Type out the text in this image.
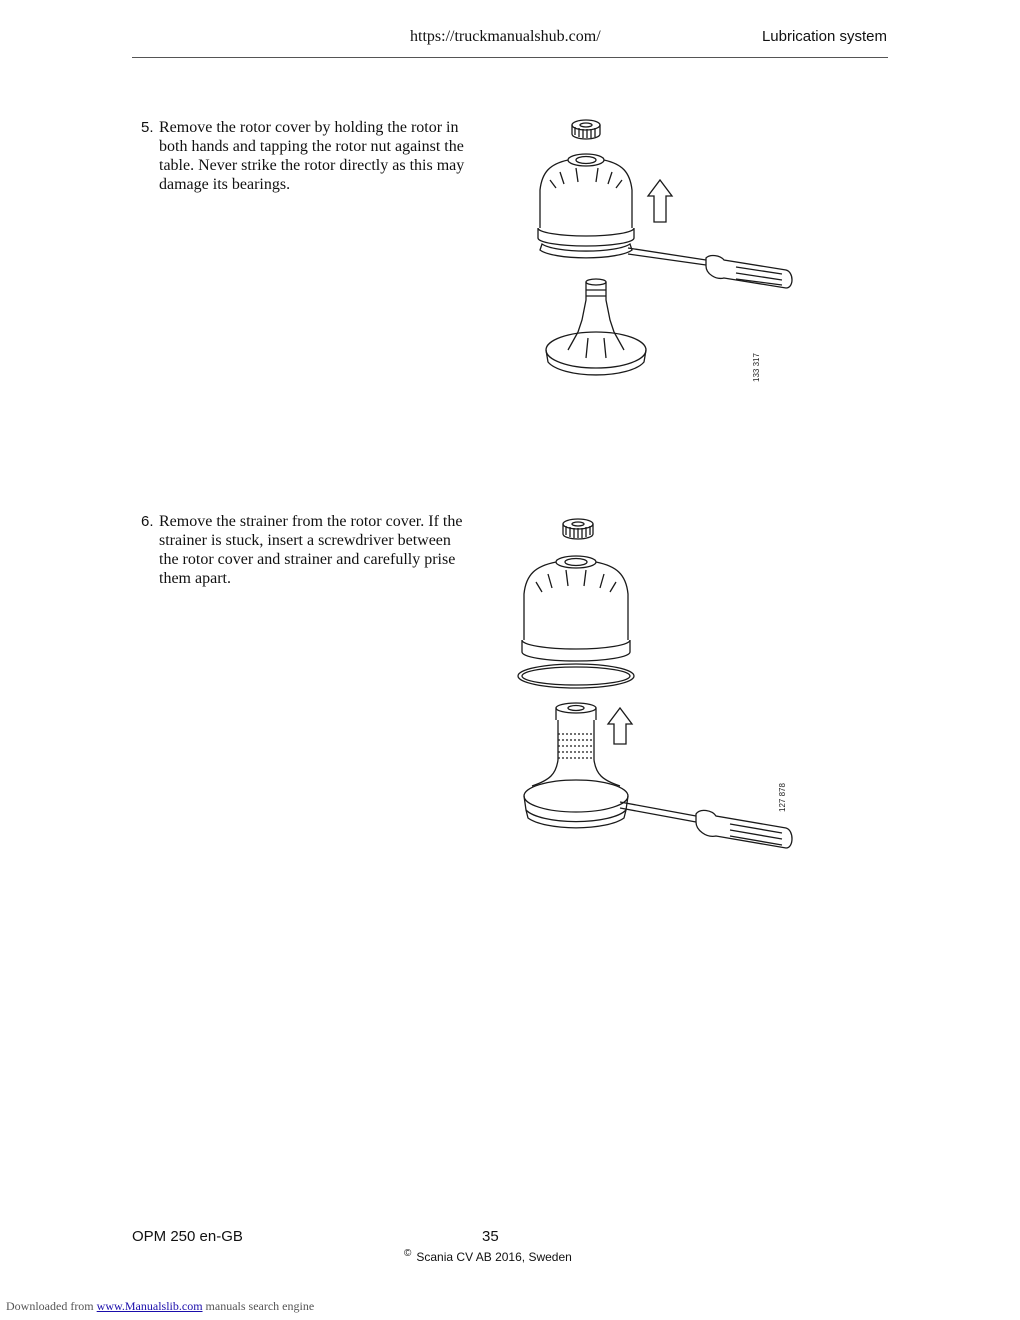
https://truckmanualshub.com/	Lubrication system
5. Remove the rotor cover by holding the rotor in both hands and tapping the rotor nut against the table. Never strike the rotor directly as this may damage its bearings.
133 317
6. Remove the strainer from the rotor cover. If the strainer is stuck, insert a screwdriver between the rotor cover and strainer and carefully prise them apart.
127 878
OPM 250 en-GB	35
© Scania CV AB 2016, Sweden
Downloaded from www.Manualslib.com manuals search engine
